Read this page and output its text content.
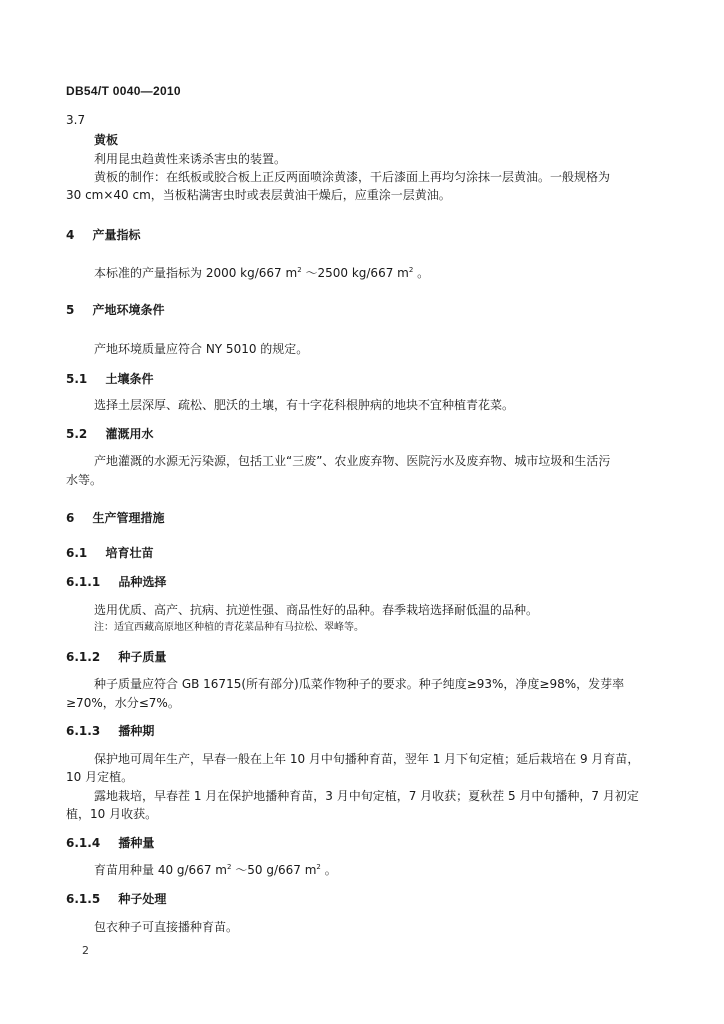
DB54/T 0040—2010
3.7
黄板
利用昆虫趋黄性来诱杀害虫的装置。
黄板的制作：在纸板或胶合板上正反两面喷涂黄漆，干后漆面上再均匀涂抹一层黄油。一般规格为
30 cm×40 cm，当板粘满害虫时或表层黄油干燥后，应重涂一层黄油。
4 产量指标
本标准的产量指标为 2000 kg/667 $m^2$ ～2500 kg/667 $m^2$ 。
5 产地环境条件
产地环境质量应符合 NY 5010 的规定。
5.1 土壤条件
选择土层深厚、疏松、肥沃的土壤，有十字花科根肿病的地块不宜种植青花菜。
5.2 灌溉用水
产地灌溉的水源无污染源，包括工业“三废”、农业废弃物、医院污水及废弃物、城市垃圾和生活污
水等。
6 生产管理措施
6.1 培育壮苗
6.1.1 品种选择
选用优质、高产、抗病、抗逆性强、商品性好的品种。春季栽培选择耐低温的品种。
注：适宜西藏高原地区种植的青花菜品种有马拉松、翠峰等。
6.1.2 种子质量
种子质量应符合 GB 16715(所有部分)瓜菜作物种子的要求。种子纯度≥93%，净度≥98%，发芽率
≥70%，水分≤7%。
6.1.3 播种期
保护地可周年生产，早春一般在上年 10 月中旬播种育苗，翌年 1 月下旬定植；延后栽培在 9 月育苗，
10 月定植。
露地栽培，早春茬 1 月在保护地播种育苗，3 月中旬定植，7 月收获；夏秋茬 5 月中旬播种，7 月初定
植，10 月收获。
6.1.4 播种量
育苗用种量 40 g/667 $m^2$ ～50 g/667 $m^2$ 。
6.1.5 种子处理
包衣种子可直接播种育苗。
2
